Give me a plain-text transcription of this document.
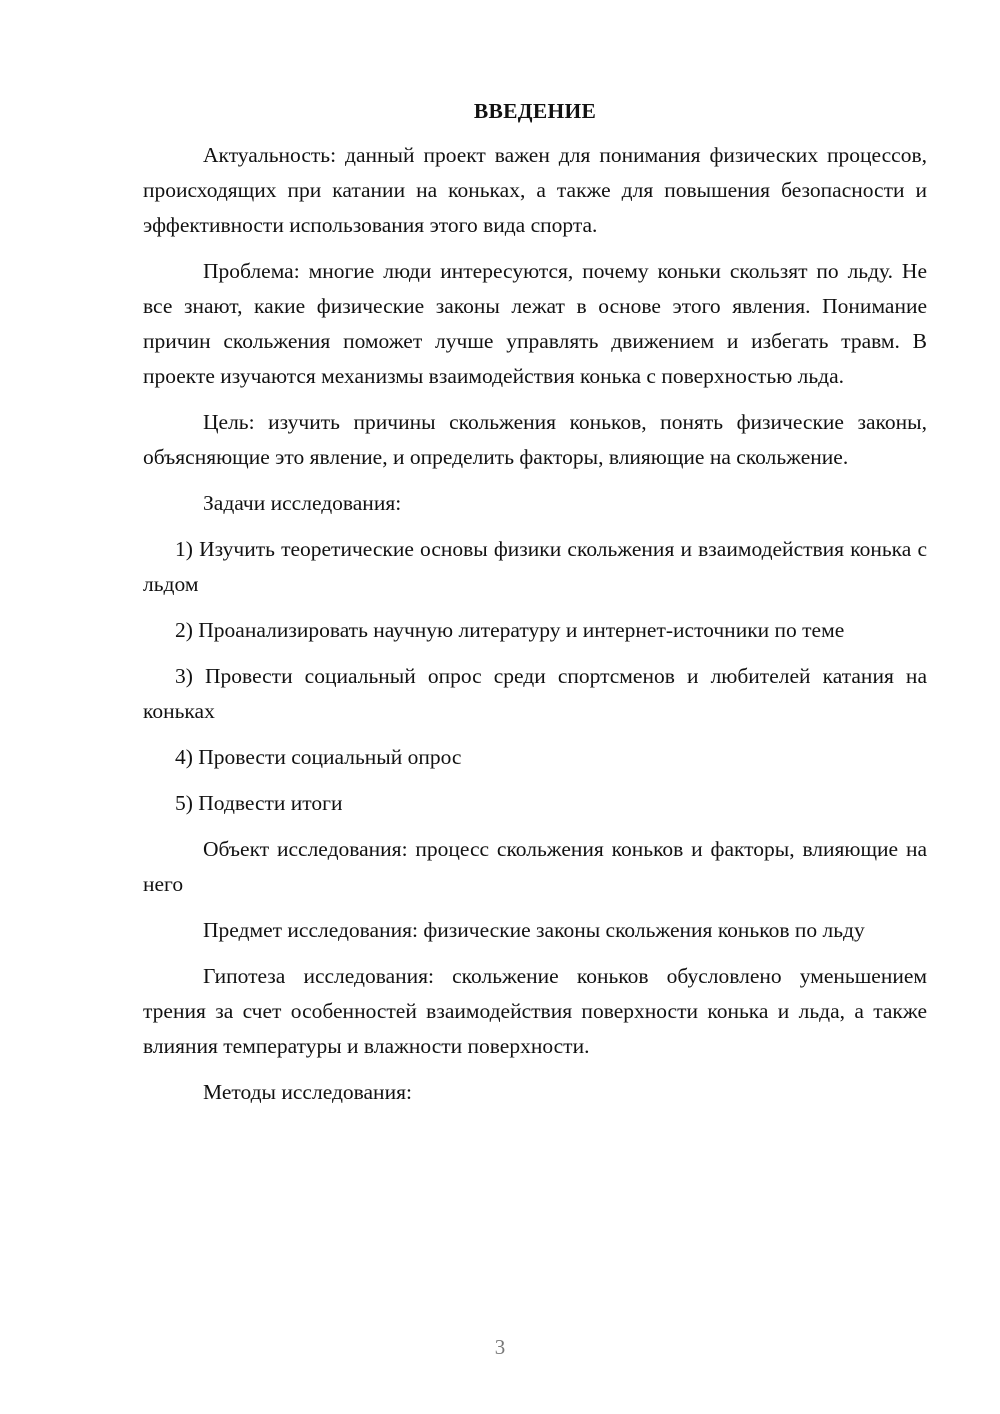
ВВЕДЕНИЕ

Актуальность: данный проект важен для понимания физических процессов, происходящих при катании на коньках, а также для повышения безопасности и эффективности использования этого вида спорта.

Проблема: многие люди интересуются, почему коньки скользят по льду. Не все знают, какие физические законы лежат в основе этого явления. Понимание причин скольжения поможет лучше управлять движением и избегать травм. В проекте изучаются механизмы взаимодействия конька с поверхностью льда.

Цель: изучить причины скольжения коньков, понять физические законы, объясняющие это явление, и определить факторы, влияющие на скольжение.

Задачи исследования:

1) Изучить теоретические основы физики скольжения и взаимодействия конька с льдом

2) Проанализировать научную литературу и интернет-источники по теме

3) Провести социальный опрос среди спортсменов и любителей катания на коньках

4) Провести социальный опрос

5) Подвести итоги

Объект исследования: процесс скольжения коньков и факторы, влияющие на него

Предмет исследования: физические законы скольжения коньков по льду

Гипотеза исследования: скольжение коньков обусловлено уменьшением трения за счет особенностей взаимодействия поверхности конька и льда, а также влияния температуры и влажности поверхности.

Методы исследования:

3
